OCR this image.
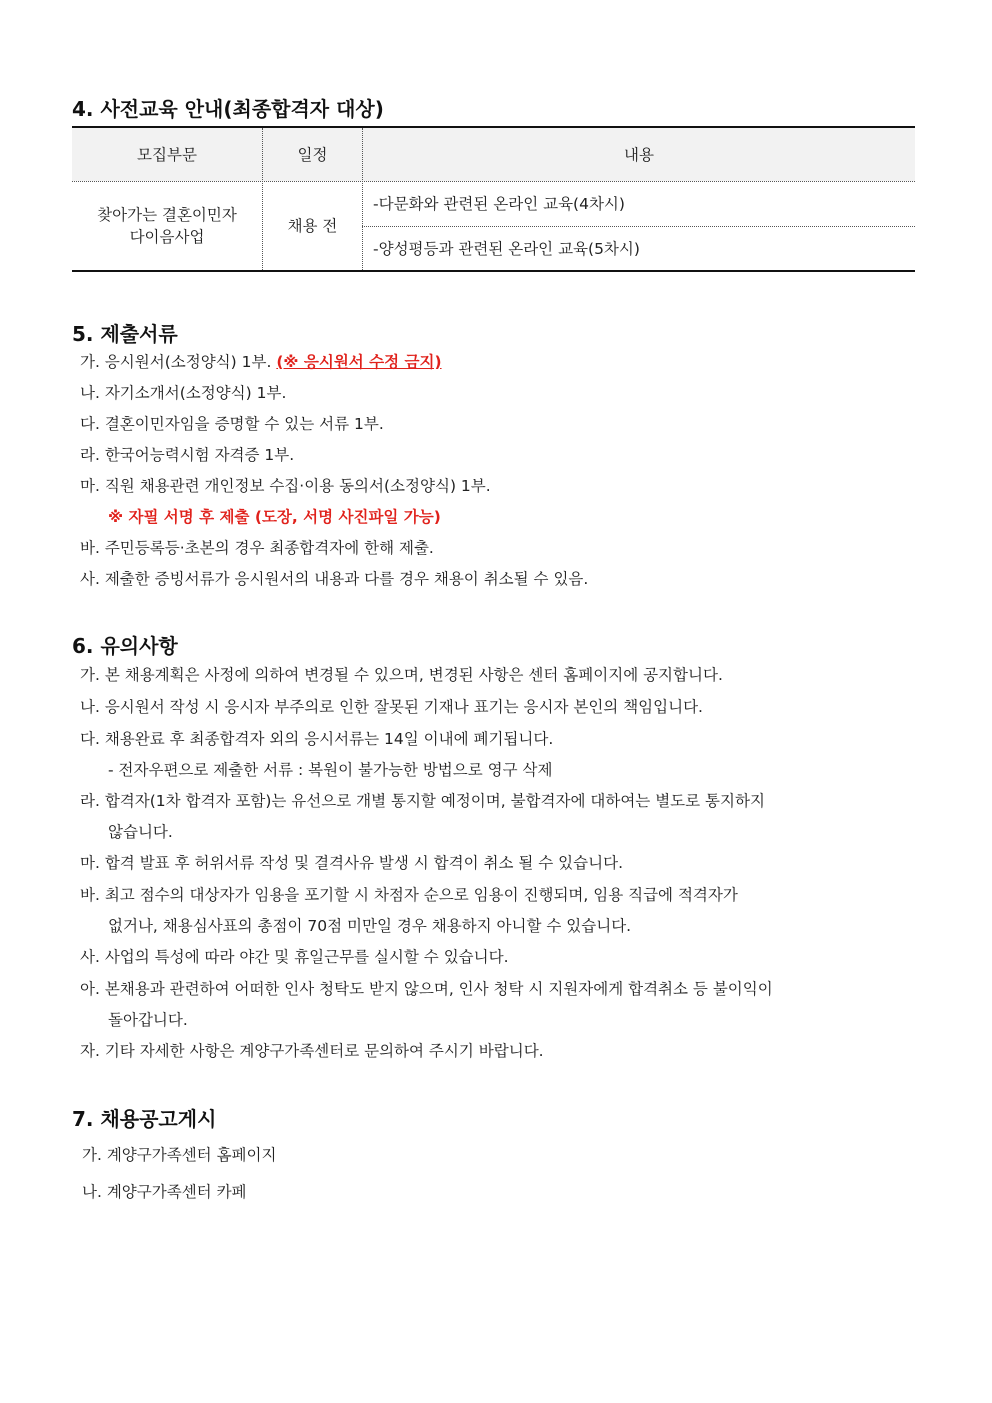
4. 사전교육 안내(최종합격자 대상)
모집부문	일정	내용
찾아가는 결혼이민자
다이음사업
채용 전
-다문화와 관련된 온라인 교육(4차시)
-양성평등과 관련된 온라인 교육(5차시)
5. 제출서류

가. 응시원서(소정양식) 1부. (※ 응시원서 수정 금지)

나. 자기소개서(소정양식) 1부.

다. 결혼이민자임을 증명할 수 있는 서류 1부.

라. 한국어능력시험 자격증 1부.

마. 직원 채용관련 개인정보 수집·이용 동의서(소정양식) 1부.

※ 자필 서명 후 제출 (도장, 서명 사진파일 가능)

바. 주민등록등·초본의 경우 최종합격자에 한해 제출.

사. 제출한 증빙서류가 응시원서의 내용과 다를 경우 채용이 취소될 수 있음.

6. 유의사항

가. 본 채용계획은 사정에 의하여 변경될 수 있으며, 변경된 사항은 센터 홈페이지에 공지합니다.

나. 응시원서 작성 시 응시자 부주의로 인한 잘못된 기재나 표기는 응시자 본인의 책임입니다.

다. 채용완료 후 최종합격자 외의 응시서류는 14일 이내에 폐기됩니다.

- 전자우편으로 제출한 서류 : 복원이 불가능한 방법으로 영구 삭제

라. 합격자(1차 합격자 포함)는 유선으로 개별 통지할 예정이며, 불합격자에 대하여는 별도로 통지하지

않습니다.

마. 합격 발표 후 허위서류 작성 및 결격사유 발생 시 합격이 취소 될 수 있습니다.

바. 최고 점수의 대상자가 임용을 포기할 시 차점자 순으로 임용이 진행되며, 임용 직급에 적격자가

없거나, 채용심사표의 총점이 70점 미만일 경우 채용하지 아니할 수 있습니다.

사. 사업의 특성에 따라 야간 및 휴일근무를 실시할 수 있습니다.

아. 본채용과 관련하여 어떠한 인사 청탁도 받지 않으며, 인사 청탁 시 지원자에게 합격취소 등 불이익이

돌아갑니다.

자. 기타 자세한 사항은 계양구가족센터로 문의하여 주시기 바랍니다.

7. 채용공고게시

가. 계양구가족센터 홈페이지

나. 계양구가족센터 카페
